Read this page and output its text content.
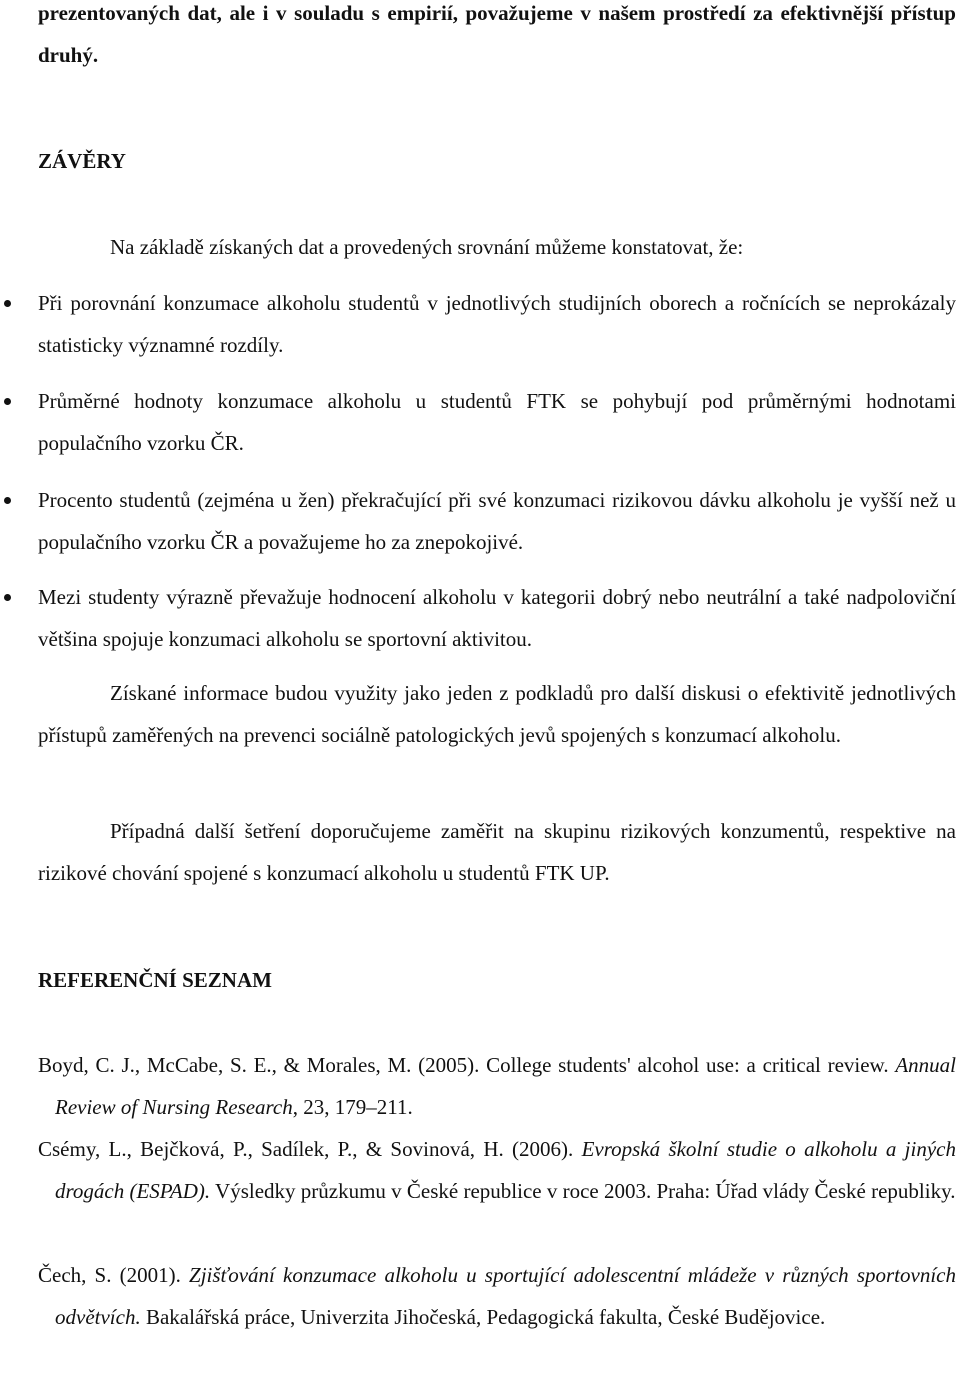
prezentovaných dat, ale i v souladu s empirií, považujeme v našem prostředí za efektivnější přístup druhý.

ZÁVĚRY

Na základě získaných dat a provedených srovnání můžeme konstatovat, že:

Při porovnání konzumace alkoholu studentů v jednotlivých studijních oborech a ročnících se neprokázaly statisticky významné rozdíly.
Průměrné hodnoty konzumace alkoholu u studentů FTK se pohybují pod průměrnými hodnotami populačního vzorku ČR.
Procento studentů (zejména u žen) překračující při své konzumaci rizikovou dávku alkoholu je vyšší než u populačního vzorku ČR a považujeme ho za znepokojivé.
Mezi studenty výrazně převažuje hodnocení alkoholu v kategorii dobrý nebo neutrální a také nadpoloviční většina spojuje konzumaci alkoholu se sportovní aktivitou.

Získané informace budou využity jako jeden z podkladů pro další diskusi o efektivitě jednotlivých přístupů zaměřených na prevenci sociálně patologických jevů spojených s konzumací alkoholu.

Případná další šetření doporučujeme zaměřit na skupinu rizikových konzumentů, respektive na rizikové chování spojené s konzumací alkoholu u studentů FTK UP.

REFERENČNÍ SEZNAM

Boyd, C. J., McCabe, S. E., & Morales, M. (2005). College students' alcohol use: a critical review. Annual Review of Nursing Research, 23, 179–211.

Csémy, L., Bejčková, P., Sadílek, P., & Sovinová, H. (2006). Evropská školní studie o alkoholu a jiných drogách (ESPAD). Výsledky průzkumu v České republice v roce 2003. Praha: Úřad vlády České republiky.

Čech, S. (2001). Zjišťování konzumace alkoholu u sportující adolescentní mládeže v různých sportovních odvětvích. Bakalářská práce, Univerzita Jihočeská, Pedagogická fakulta, České Budějovice.
